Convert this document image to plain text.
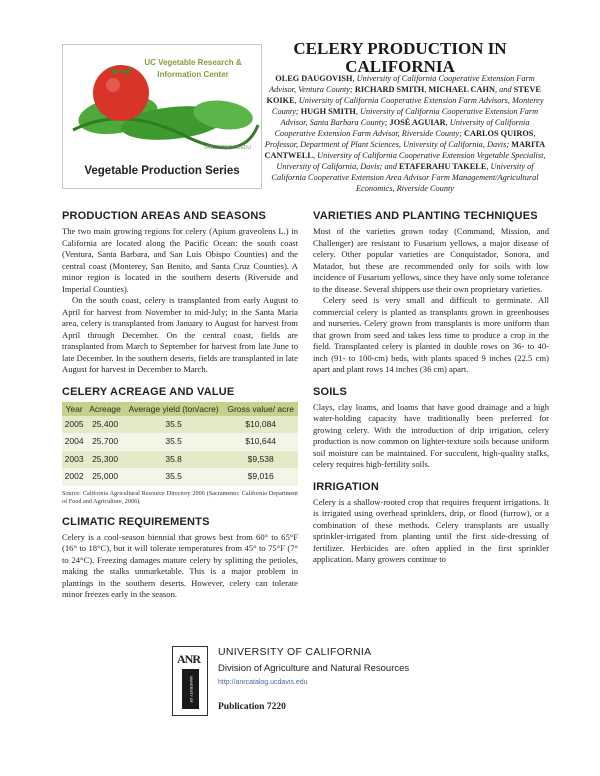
UC Vegetable Research & Information Center
VRIC.UCDAVIS.EDU
Vegetable Production Series
CELERY PRODUCTION IN CALIFORNIA
OLEG DAUGOVISH, University of California Cooperative Extension Farm Advisor, Ventura County; RICHARD SMITH, MICHAEL CAHN, and STEVE KOIKE, University of California Cooperative Extension Farm Advisors, Monterey County; HUGH SMITH, University of California Cooperative Extension Farm Advisor, Santa Barbara County; JOSÉ AGUIAR, University of California Cooperative Extension Farm Advisor, Riverside County; CARLOS QUIROS, Professor, Department of Plant Sciences, University of California, Davis; MARITA CANTWELL, University of California Cooperative Extension Vegetable Specialist, University of California, Davis; and ETAFERAHU TAKELE, University of California Cooperative Extension Area Advisor Farm Management/Agricultural Economics, Riverside County
PRODUCTION AREAS AND SEASONS

The two main growing regions for celery (Apium graveolens L.) in California are located along the Pacific Ocean: the south coast (Ventura, Santa Barbara, and San Luis Obispo Counties) and the central coast (Monterey, San Benito, and Santa Cruz Counties). A minor region is located in the southern deserts (Riverside and Imperial Counties).

On the south coast, celery is transplanted from early August to April for harvest from November to mid-July; in the Santa Maria area, celery is transplanted from January to August for harvest from April through December. On the central coast, fields are transplanted from March to September for harvest from late June to late December. In the southern deserts, fields are transplanted in late August for harvest in December to March.

CELERY ACREAGE AND VALUE
Year	Acreage	Average yield (ton/acre)	Gross value/ acre
2005	25,400	35.5	$10,084
2004	25,700	35.5	$10,644
2003	25,300	35.8	$9,538
2002	25,000	35.5	$9,016
Source: California Agricultural Resource Directory 2006 (Sacramento: California Department of Food and Agriculture, 2006).
CLIMATIC REQUIREMENTS

Celery is a cool-season biennial that grows best from 60° to 65°F (16° to 18°C), but it will tolerate temperatures from 45° to 75°F (7° to 24°C). Freezing damages mature celery by splitting the petioles, making the stalks unmarketable. This is a major problem in plantings in the southern deserts. However, celery can tolerate minor freezes early in the season.

VARIETIES AND PLANTING TECHNIQUES

Most of the varieties grown today (Command, Mission, and Challenger) are resistant to Fusarium yellows, a major disease of celery. Other popular varieties are Conquistador, Sonora, and Matador, but these are recommended only for soils with low incidence of Fusarium yellows, since they have only some tolerance to the disease. Several shippers use their own proprietary varieties.

Celery seed is very small and difficult to germinate. All commercial celery is planted as transplants grown in greenhouses and nurseries. Celery grown from transplants is more uniform than that grown from seed and takes less time to produce a crop in the field. Transplanted celery is planted in double rows on 36- to 40-inch (91- to 100-cm) beds, with plants spaced 9 inches (22.5 cm) apart and plant rows 14 inches (36 cm) apart.

SOILS

Clays, clay loams, and loams that have good drainage and a high water-holding capacity have traditionally been preferred for growing celery. With the introduction of drip irrigation, celery production is now common on lighter-texture soils because uniform soil moisture can be maintained. For succulent, high-quality stalks, celery requires high-fertility soils.

IRRIGATION

Celery is a shallow-rooted crop that requires frequent irrigations. It is irrigated using overhead sprinklers, drip, or flood (furrow), or a combination of these methods. Celery transplants are usually sprinkler-irrigated from planting until the first side-dressing of fertilizer. Herbicides are often applied in the first sprinkler application. Many growers continue to

ANR
UNIVERSITY OF CALIFORNIA
UNIVERSITY OF CALIFORNIA
Division of Agriculture and Natural Resources
http://anrcatalog.ucdavis.edu
Publication 7220
